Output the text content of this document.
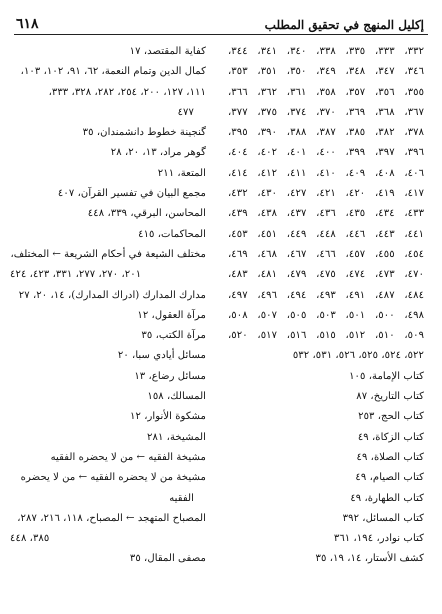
٦١٨	إكليل المنهج في تحقيق المطلب
٣٣٢، ٣٣٣، ٣٣٥، ٣٣٨، ٣٤٠، ٣٤١، ٣٤٤،
٣٤٦، ٣٤٧، ٣٤٨، ٣٤٩، ٣٥٠، ٣٥١، ٣٥٣،
٣٥٥، ٣٥٦، ٣٥٧، ٣٥٨، ٣٦١، ٣٦٢، ٣٦٦،
٣٦٧، ٣٦٨، ٣٦٩، ٣٧٠، ٣٧٤، ٣٧٥، ٣٧٧،
٣٧٨، ٣٨٢، ٣٨٥، ٣٨٧، ٣٨٨، ٣٩٠، ٣٩٥،
٣٩٦، ٣٩٧، ٣٩٩، ٤٠٠، ٤٠١، ٤٠٢، ٤٠٤،
٤٠٦، ٤٠٨، ٤٠٩، ٤١٠، ٤١١، ٤١٢، ٤١٤،
٤١٧، ٤١٩، ٤٢٠، ٤٢١، ٤٢٧، ٤٣٠، ٤٣٢،
٤٣٣، ٤٣٤، ٤٣٥، ٤٣٦، ٤٣٧، ٤٣٨، ٤٣٩،
٤٤١، ٤٤٣، ٤٤٦، ٤٤٨، ٤٤٩، ٤٥١، ٤٥٣،
٤٥٤، ٤٥٥، ٤٥٧، ٤٦٦، ٤٦٧، ٤٦٨، ٤٦٩،
٤٧٠، ٤٧٣، ٤٧٤، ٤٧٥، ٤٧٩، ٤٨١، ٤٨٣،
٤٨٤، ٤٨٧، ٤٩١، ٤٩٣، ٤٩٤، ٤٩٦، ٤٩٧،
٤٩٨، ٥٠٠، ٥٠١، ٥٠٣، ٥٠٥، ٥٠٧، ٥٠٨،
٥٠٩، ٥١٠، ٥١٢، ٥١٥، ٥١٦، ٥١٧، ٥٢٠،
٥٢٢، ٥٢٤، ٥٢٥، ٥٢٦، ٥٣١، ٥٣٢
كتاب الإمامة، ١٠٥
كتاب التاريخ، ٨٧
كتاب الحج، ٢٥٣
كتاب الزكاة، ٤٩
كتاب الصلاة، ٤٩
كتاب الصيام، ٤٩
كتاب الطهارة، ٤٩
كتاب المسائل، ٣٩٢
كتاب نوادر، ١٩٤، ٣٦١
كشف الأستار، ١٤، ١٩، ٣٥
كفاية المقتصد، ١٧
كمال الدين وتمام النعمة، ٦٢، ٩١، ١٠٢، ١٠٣،
١١١، ١٢٧، ٢٠٠، ٢٥٤، ٢٨٢، ٣٢٨، ٣٣٣،
٤٧٧
گنجينة خطوط دانشمندان، ٣٥
گوهر مراد، ١٣، ٢٠، ٢٨
المتعة، ٢١١
مجمع البيان في تفسير القرآن، ٤٠٧
المحاسن، البرقي، ٣٣٩، ٤٤٨
المحاكمات، ٤١٥
مختلف الشيعة في أحكام الشريعة ← المختلف،
٢٠١، ٢٧٠، ٢٧٧، ٣٣١، ٤٢٣، ٤٢٤
مدارك المدارك (ادراك المدارك)، ١٤، ٢٠، ٢٧
مرآة العقول، ١٢
مرآة الكتب، ٣٥
مسائل أيادي سبا، ٢٠
مسائل رضاع، ١٣
المسالك، ١٥٨
مشكوة الأنوار، ١٢
المشيخة، ٢٨١
مشيخة الفقيه ← من لا يحضره الفقيه
مشيخة من لا يحضره الفقيه ← من لا يحضره
الفقيه
المصباح المتهجد ← المصباح، ١١٨، ٢١٦، ٢٨٧،
٣٨٥، ٤٤٨
مصفى المقال، ٣٥
